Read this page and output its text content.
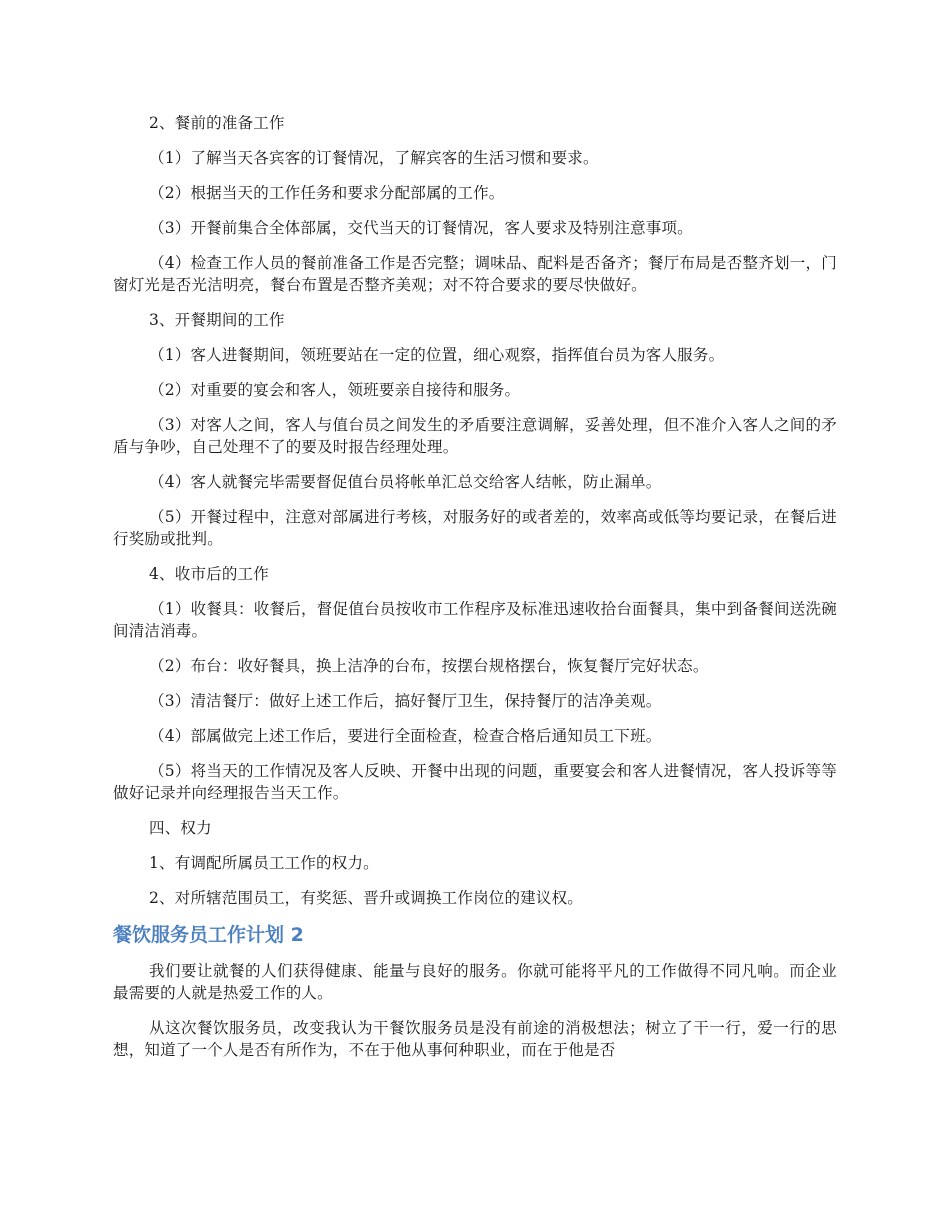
2、餐前的准备工作

（1）了解当天各宾客的订餐情况，了解宾客的生活习惯和要求。

（2）根据当天的工作任务和要求分配部属的工作。

（3）开餐前集合全体部属，交代当天的订餐情况，客人要求及特别注意事项。

（4）检查工作人员的餐前准备工作是否完整；调味品、配料是否备齐；餐厅布局是否整齐划一，门窗灯光是否光洁明亮，餐台布置是否整齐美观；对不符合要求的要尽快做好。

3、开餐期间的工作

（1）客人进餐期间，领班要站在一定的位置，细心观察，指挥值台员为客人服务。

（2）对重要的宴会和客人，领班要亲自接待和服务。

（3）对客人之间，客人与值台员之间发生的矛盾要注意调解，妥善处理，但不准介入客人之间的矛盾与争吵，自己处理不了的要及时报告经理处理。

（4）客人就餐完毕需要督促值台员将帐单汇总交给客人结帐，防止漏单。

（5）开餐过程中，注意对部属进行考核，对服务好的或者差的，效率高或低等均要记录，在餐后进行奖励或批判。

4、收市后的工作

（1）收餐具：收餐后，督促值台员按收市工作程序及标准迅速收拾台面餐具，集中到备餐间送洗碗间清洁消毒。

（2）布台：收好餐具，换上洁净的台布，按摆台规格摆台，恢复餐厅完好状态。

（3）清洁餐厅：做好上述工作后，搞好餐厅卫生，保持餐厅的洁净美观。

（4）部属做完上述工作后，要进行全面检查，检查合格后通知员工下班。

（5）将当天的工作情况及客人反映、开餐中出现的问题，重要宴会和客人进餐情况，客人投诉等等做好记录并向经理报告当天工作。

四、权力

1、有调配所属员工工作的权力。

2、对所辖范围员工，有奖惩、晋升或调换工作岗位的建议权。

餐饮服务员工作计划 2

我们要让就餐的人们获得健康、能量与良好的服务。你就可能将平凡的工作做得不同凡响。而企业最需要的人就是热爱工作的人。

从这次餐饮服务员，改变我认为干餐饮服务员是没有前途的消极想法；树立了干一行，爱一行的思想，知道了一个人是否有所作为，不在于他从事何种职业，而在于他是否
